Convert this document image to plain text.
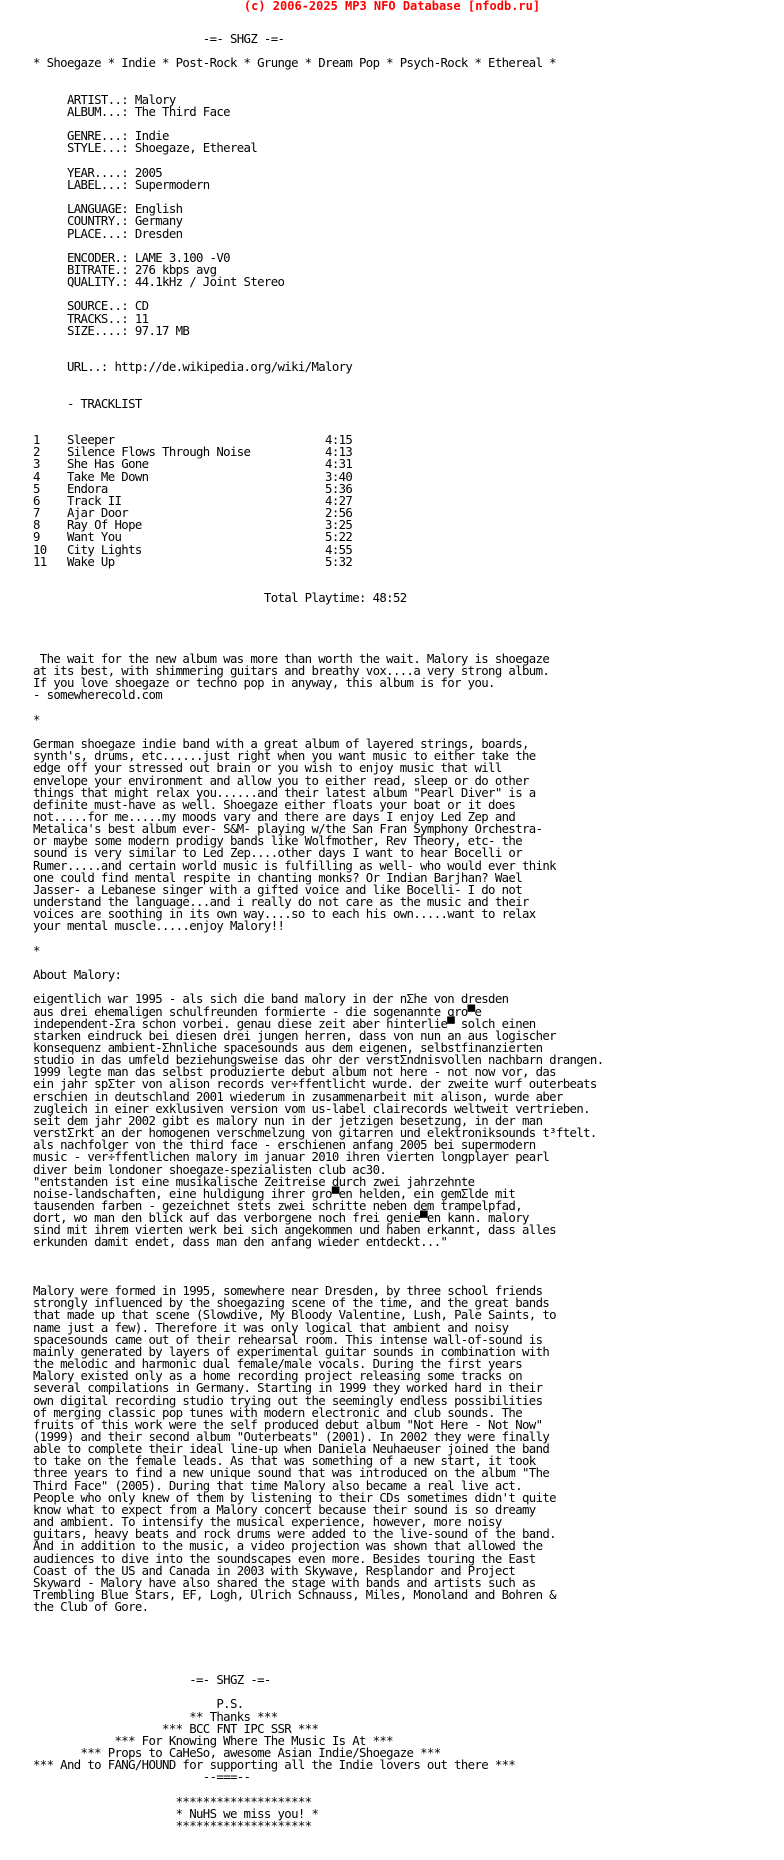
(c) 2006-2025 MP3 NFO Database [nfodb.ru]
-=- SHGZ -=-

* Shoegaze * Indie * Post-Rock * Grunge * Dream Pop * Psych-Rock * Ethereal *

ARTIST..: Malory
ALBUM...: The Third Face

GENRE...: Indie
STYLE...: Shoegaze, Ethereal

YEAR....: 2005
LABEL...: Supermodern

LANGUAGE: English
COUNTRY.: Germany
PLACE...: Dresden

ENCODER.: LAME 3.100 -V0
BITRATE.: 276 kbps avg
QUALITY.: 44.1kHz / Joint Stereo

SOURCE..: CD
TRACKS..: 11
SIZE....: 97.17 MB

URL..: http://de.wikipedia.org/wiki/Malory

- TRACKLIST

1    Sleeper                               4:15
2    Silence Flows Through Noise           4:13
3    She Has Gone                          4:31
4    Take Me Down                          3:40
5    Endora                                5:36
6    Track II                              4:27
7    Ajar Door                             2:56
8    Ray Of Hope                           3:25
9    Want You                              5:22
10   City Lights                           4:55
11   Wake Up                               5:32

Total Playtime: 48:52

The wait for the new album was more than worth the wait. Malory is shoegaze
at its best, with shimmering guitars and breathy vox....a very strong album.
If you love shoegaze or techno pop in anyway, this album is for you.
- somewherecold.com

*

German shoegaze indie band with a great album of layered strings, boards,
synth's, drums, etc......just right when you want music to either take the
edge off your stressed out brain or you wish to enjoy music that will
envelope your environment and allow you to either read, sleep or do other
things that might relax you......and their latest album "Pearl Diver" is a
definite must-have as well. Shoegaze either floats your boat or it does
not.....for me.....my moods vary and there are days I enjoy Led Zep and
Metalica's best album ever- S&M- playing w/the San Fran Symphony Orchestra-
or maybe some modern prodigy bands like Wolfmother, Rev Theory, etc- the
sound is very similar to Led Zep....other days I want to hear Bocelli or
Rumer.....and certain world music is fulfilling as well- who would ever think
one could find mental respite in chanting monks? Or Indian Barjhan? Wael
Jasser- a Lebanese singer with a gifted voice and like Bocelli- I do not
understand the language...and i really do not care as the music and their
voices are soothing in its own way....so to each his own.....want to relax
your mental muscle.....enjoy Malory!!

*

About Malory:

eigentlich war 1995 - als sich die band malory in der nΣhe von dresden
aus drei ehemaligen schulfreunden formierte - die sogenannte gro▀e
independent-Σra schon vorbei. genau diese zeit aber hinterlie▀ solch einen
starken eindruck bei diesen drei jungen herren, dass von nun an aus logischer
konsequenz ambient-Σhnliche spacesounds aus dem eigenen, selbstfinanzierten
studio in das umfeld beziehungsweise das ohr der verstΣndnisvollen nachbarn drangen.
1999 legte man das selbst produzierte debut album not here - not now vor, das
ein jahr spΣter von alison records ver÷ffentlicht wurde. der zweite wurf outerbeats
erschien in deutschland 2001 wiederum in zusammenarbeit mit alison, wurde aber
zugleich in einer exklusiven version vom us-label clairecords weltweit vertrieben.
seit dem jahr 2002 gibt es malory nun in der jetzigen besetzung, in der man
verstΣrkt an der homogenen verschmelzung von gitarren und elektroniksounds t³ftelt.
als nachfolger von the third face - erschienen anfang 2005 bei supermodern
music - ver÷ffentlichen malory im januar 2010 ihren vierten longplayer pearl
diver beim londoner shoegaze-spezialisten club ac30.
"entstanden ist eine musikalische Zeitreise durch zwei jahrzehnte
noise-landschaften, eine huldigung ihrer gro▀en helden, ein gemΣlde mit
tausenden farben - gezeichnet stets zwei schritte neben dem trampelpfad,
dort, wo man den blick auf das verborgene noch frei genie▀en kann. malory
sind mit ihrem vierten werk bei sich angekommen und haben erkannt, dass alles
erkunden damit endet, dass man den anfang wieder entdeckt..."

Malory were formed in 1995, somewhere near Dresden, by three school friends
strongly influenced by the shoegazing scene of the time, and the great bands
that made up that scene (Slowdive, My Bloody Valentine, Lush, Pale Saints, to
name just a few). Therefore it was only logical that ambient and noisy
spacesounds came out of their rehearsal room. This intense wall-of-sound is
mainly generated by layers of experimental guitar sounds in combination with
the melodic and harmonic dual female/male vocals. During the first years
Malory existed only as a home recording project releasing some tracks on
several compilations in Germany. Starting in 1999 they worked hard in their
own digital recording studio trying out the seemingly endless possibilities
of merging classic pop tunes with modern electronic and club sounds. The
fruits of this work were the self produced debut album "Not Here - Not Now"
(1999) and their second album "Outerbeats" (2001). In 2002 they were finally
able to complete their ideal line-up when Daniela Neuhaeuser joined the band
to take on the female leads. As that was something of a new start, it took
three years to find a new unique sound that was introduced on the album "The
Third Face" (2005). During that time Malory also became a real live act.
People who only knew of them by listening to their CDs sometimes didn't quite
know what to expect from a Malory concert because their sound is so dreamy
and ambient. To intensify the musical experience, however, more noisy
guitars, heavy beats and rock drums were added to the live-sound of the band.
And in addition to the music, a video projection was shown that allowed the
audiences to dive into the soundscapes even more. Besides touring the East
Coast of the US and Canada in 2003 with Skywave, Resplandor and Project
Skyward - Malory have also shared the stage with bands and artists such as
Trembling Blue Stars, EF, Logh, Ulrich Schnauss, Miles, Monoland and Bohren &
the Club of Gore.

-=- SHGZ -=-

P.S.
** Thanks ***
*** BCC FNT IPC SSR ***
*** For Knowing Where The Music Is At ***
*** Props to CaHeSo, awesome Asian Indie/Shoegaze ***
*** And to FANG/HOUND for supporting all the Indie lovers out there ***
--===--

********************
* NuHS we miss you! *
********************
